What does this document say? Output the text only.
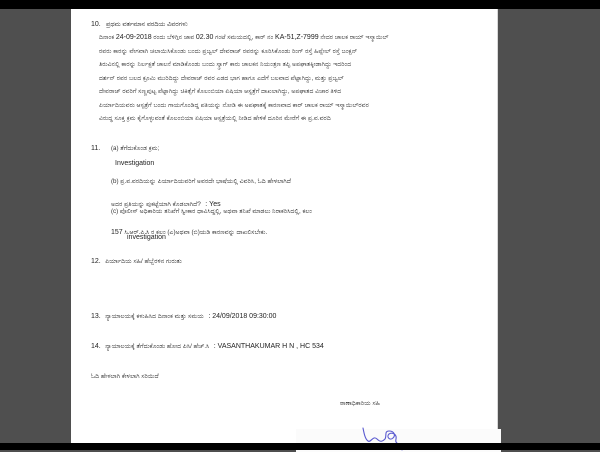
10. ಪ್ರಥಮ ವರ್ತಮಾನ ವರದಿಯ ವಿವರಗಳು
ದಿನಾಂಕ 24-09-2018 ರಂದು ಬೆಳಿಗ್ಗಿನ ಜಾವ 02.30 ಗಂಟೆ ಸಮಯದಲ್ಲಿ, ಕಾರ್ ನಂ KA-51,Z-7999 ನೇದರ ಚಾಲಕ ರಾಯ್ ಇಸ್ಮಾಯಿಲ್
ರವರು ಕಾರನ್ನು ವೇಗವಾಗಿ ಚಲಾಯಿಸಿಕೊಂಡು ಬಂದು ಪ್ರಜ್ವಲ್ ದೇವರಾಜ್ ರವರನ್ನು ಕೂರಿಸಿಕೊಂಡು ರಿಂಗ್ ರಸ್ತೆ ಹಿಪ್ಪೇಲ್ ರಸ್ತೆ ಜಂಕ್ಷನ್
ತಿರುವಿನಲ್ಲಿ ಕಾರನ್ನು ನಿರ್ಲಕ್ಷತೆ ಚಾಲನೆ ಮಾಡಿಕೊಂಡು ಬಂದು ಸ್ಕ್ರಾಗ್ ಕಾರು ಚಾಲಕನ ನಿಯಂತ್ರಣ ತಪ್ಪಿ ಅಪಘಾತಕ್ಕೀಡಾಗಿದ್ದು ಇದರಿಂದ
ದರ್ಶನ್ ರವರ ಬಲದ ಕ್ರೂಮಿ ಮುರಿದಿದ್ದು ದೇವರಾಜ್ ರವರ ಎಡದ ಭಾಗ ಹಾಗೂ ಎದೆಗೆ ಬಲವಾದ ಪೆಟ್ಟಾಗಿದ್ದು, ಮತ್ತು ಪ್ರಜ್ವಲ್
ದೇವರಾಜ್ ರವರಿಗೆ ಸಣ್ಣಪುಟ್ಟ ಪೆಟ್ಟಾಗಿದ್ದು ಚಿಕಿತ್ಸೆಗೆ ಕೊಲಂಬಿಯಾ ಏಷಿಯಾ ಆಸ್ಪತ್ರೆಗೆ ದಾಖಲಾಗಿದ್ದು, ಅಪಘಾತದ ವಿಚಾರ ತಿಳಿದ
ಪಿರ್ಯಾದಿಯವರು ಆಸ್ಪತ್ರೆಗೆ ಬಂದು ಗಾಯಗೊಂಡಿದ್ದ ಪತಿಯನ್ನು ನೋಡಿ ಈ ಅಪಘಾತಕ್ಕೆ ಕಾರಣವಾದ ಕಾರ್ ಚಾಲಕ ರಾಯ್ ಇಸ್ಮಾಯಿಲ್‌ರವರ
ವಿರುದ್ಧ ಸೂಕ್ತ ಕ್ರಮ ಕೈಗೊಳ್ಳುವಂತೆ ಕೊಲಂಬಿಯಾ ಏಷಿಯಾ ಆಸ್ಪತ್ರೆಯಲ್ಲಿ ನೀಡಿದ ಹೇಳಿಕೆ ದೂರಿನ ಮೇರೆಗೆ ಈ ಪ್ರ.ವ.ವರದಿ
11. (a) ತೆಗೆದುಕೊಂಡ ಕ್ರಮ;
Investigation
(b) ಪ್ರ.ವ.ವರದಿಯನ್ನು ಪಿರ್ಯಾದಿಯವರಿಗೆ ಅವರದೇ ಭಾಷೆಯಲ್ಲಿ ವಿವರಿಸಿ, ಓದಿ ಹೇಳಲಾಗಿದೆ
ಅದರ ಪ್ರತಿಯನ್ನು ಪುಕಟ್ಟೆಯಾಗಿ ಕೊಡಲಾಗಿದೆ? : Yes
(c) ಪೊಲೀಸ್ ಅಧಿಕಾರಿಯ ತನಿಖೆಗೆ ಸ್ವೀಕಾರ ಧಾವಿಸಿದ್ದಲ್ಲಿ, ಅಥವಾ ತನಿಖೆ ಮಾಡಲು ನಿರಾಕರಿಸಿದಲ್ಲಿ, ಕಲಂ
157 ಸಿ.ಆರ್.ಪಿ.ಸಿ ರ ಕಲಂ (ಎ)ಅಥವಾ (ಬಿ)ಯಡಿ ಕಾರಣವನ್ನು ದಾಖಲಿಸಬೇಕು.
investigation
12. ಪಿರ್ಯಾದಿಯ ಸಹಿ/ ಹೆಬ್ಬೆರಳಿನ ಗುರುತು
13. ನ್ಯಾಯಾಲಯಕ್ಕೆ ಕಳುಹಿಸಿದ ದಿನಾಂಕ ಮತ್ತು ಸಮಯ : 24/09/2018 09:30:00
14. ನ್ಯಾಯಾಲಯಕ್ಕೆ ತೆಗೆದುಕೊಂಡು ಹೋದ ಪಿಸಿ/ ಹೆಚ್.ಸಿ : VASANTHAKUMAR H N , HC 534
ಓದಿ ಹೇಳಲಾಗಿ ಕೇಳಲಾಗಿ ಸರಿಯಿದೆ
ಠಾಣಾಧಿಕಾರಿಯ ಸಹಿ
